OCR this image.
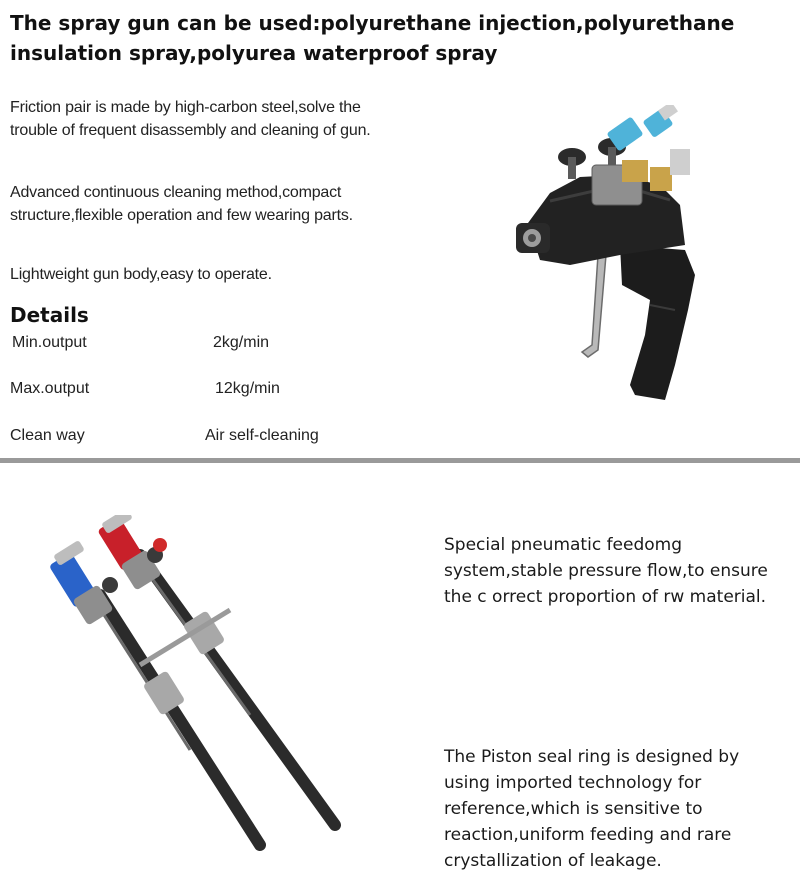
The spray gun can be used:polyurethane injection,polyurethane
insulation spray,polyurea waterproof spray
Friction pair is made by high-carbon steel,solve the
trouble of frequent disassembly and cleaning of gun.
Advanced continuous cleaning method,compact
structure,flexible operation and few wearing parts.
Lightweight gun body,easy to operate.
Details
Min.output	2kg/min
Max.output	12kg/min
Clean way	Air self-cleaning
Special pneumatic feedomg
system,stable pressure flow,to ensure
the c orrect proportion of rw material.
The Piston seal ring is designed by
using imported technology for
reference,which is sensitive to
reaction,uniform feeding and rare
crystallization of leakage.
